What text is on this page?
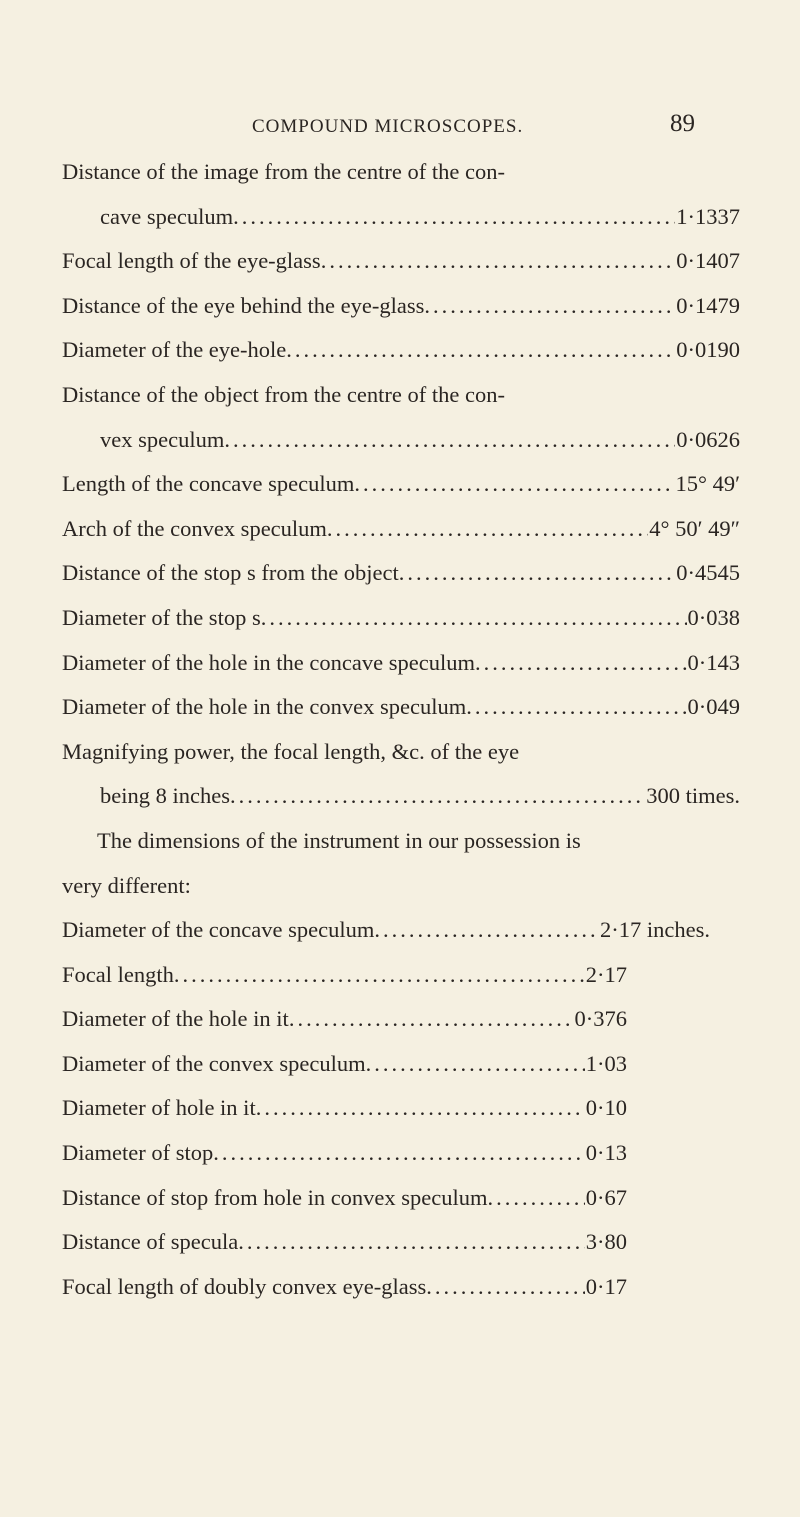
COMPOUND MICROSCOPES.	89
Distance of the image from the centre of the con-
cave speculum .....	1·1337
Focal length of the eye-glass .....	0·1407
Distance of the eye behind the eye-glass .....	0·1479
Diameter of the eye-hole .....	0·0190
Distance of the object from the centre of the con-
vex speculum .....	0·0626
Length of the concave speculum .....	15° 49′
Arch of the convex speculum .....	4° 50′ 49″
Distance of the stop s from the object .....	0·4545
Diameter of the stop s .....	0·038
Diameter of the hole in the concave speculum .....	0·143
Diameter of the hole in the convex speculum .....	0·049
Magnifying power, the focal length, &c. of the eye
being 8 inches .....	300 times.
The dimensions of the instrument in our possession is
very different:
Diameter of the concave speculum .....	2·17 inches.
Focal length .....	2·17
Diameter of the hole in it .....	0·376
Diameter of the convex speculum .....	1·03
Diameter of hole in it .....	0·10
Diameter of stop .....	0·13
Distance of stop from hole in convex speculum .....	0·67
Distance of specula .....	3·80
Focal length of doubly convex eye-glass .....	0·17
